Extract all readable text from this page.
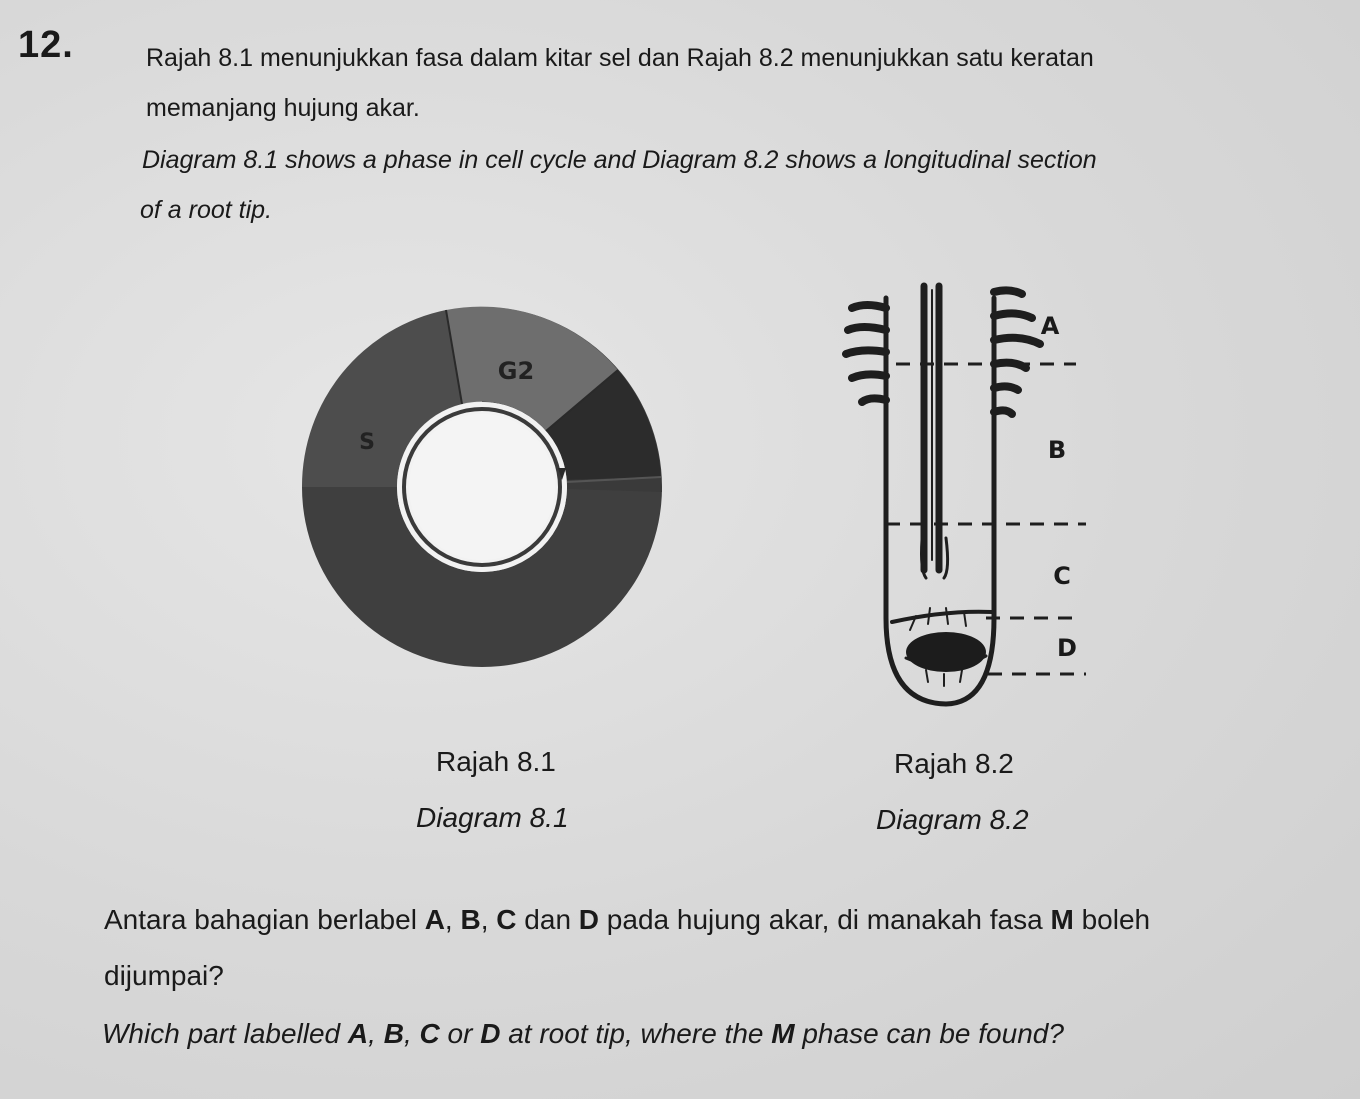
12.	Rajah 8.1 menunjukkan fasa dalam kitar sel dan Rajah 8.2 menunjukkan satu keratan
memanjang hujung akar.
Diagram 8.1 shows a phase in cell cycle and Diagram 8.2 shows a longitudinal section
of a root tip.
G2
S
A
B
C
D
Rajah 8.1
Diagram 8.1
Rajah 8.2
Diagram 8.2
Antara bahagian berlabel A, B, C dan D pada hujung akar, di manakah fasa M boleh
dijumpai?
Which part labelled A, B, C or D at root tip, where the M phase can be found?
